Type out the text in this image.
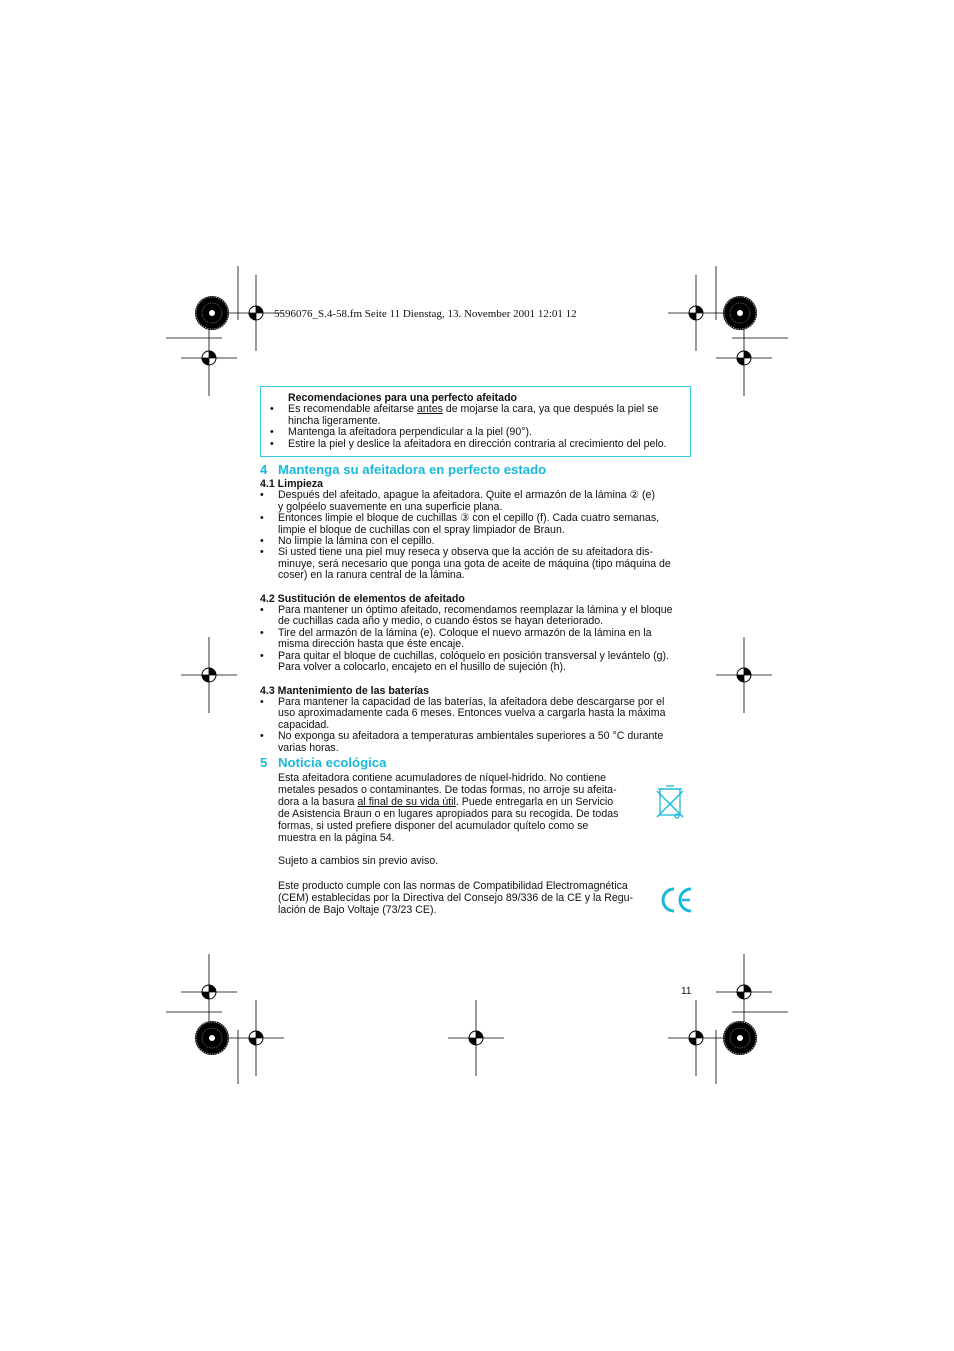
5596076_S.4-58.fm Seite 11 Dienstag, 13. November 2001 12:01 12
Recomendaciones para una perfecto afeitado
• Es recomendable afeitarse antes de mojarse la cara, ya que después la piel se
hincha ligeramente.
• Mantenga la afeitadora perpendicular a la piel (90°).
• Estire la piel y deslice la afeitadora en dirección contraria al crecimiento del pelo.
4 Mantenga su afeitadora en perfecto estado
4.1 Limpieza
• Después del afeitado, apague la afeitadora. Quite el armazón de la lámina ② (e)
y golpéelo suavemente en una superficie plana.
• Entonces limpie el bloque de cuchillas ③ con el cepillo (f). Cada cuatro semanas,
limpie el bloque de cuchillas con el spray limpiador de Braun.
• No limpie la lámina con el cepillo.
• Si usted tiene una piel muy reseca y observa que la acción de su afeitadora dis-
minuye, será necesario que ponga una gota de aceite de máquina (tipo máquina de
coser) en la ranura central de la lámina.
4.2 Sustitución de elementos de afeitado
• Para mantener un óptimo afeitado, recomendamos reemplazar la lámina y el bloque
de cuchillas cada año y medio, o cuando éstos se hayan deteriorado.
• Tire del armazón de la lámina (e). Coloque el nuevo armazón de la lámina en la
misma dirección hasta que éste encaje.
• Para quitar el bloque de cuchillas, colóquelo en posición transversal y levántelo (g).
Para volver a colocarlo, encajeto en el husillo de sujeción (h).
4.3 Mantenimiento de las baterías
• Para mantener la capacidad de las baterías, la afeitadora debe descargarse por el
uso aproximadamente cada 6 meses. Entonces vuelva a cargarla hasta la máxima
capacidad.
• No exponga su afeitadora a temperaturas ambientales superiores a 50 °C durante
varias horas.
5 Noticia ecológica
Esta afeitadora contiene acumuladores de níquel-hidrido. No contiene
metales pesados o contaminantes. De todas formas, no arroje su afeita-
dora a la basura al final de su vida útil. Puede entregarla en un Servicio
de Asistencia Braun o en lugares apropiados para su recogida. De todas
formas, si usted prefiere disponer del acumulador quítelo como se
muestra en la página 54.
Sujeto a cambios sin previo aviso.
Este producto cumple con las normas de Compatibilidad Electromagnética
(CEM) establecidas por la Directiva del Consejo 89/336 de la CE y la Regu-
lación de Bajo Voltaje (73/23 CE).
11
